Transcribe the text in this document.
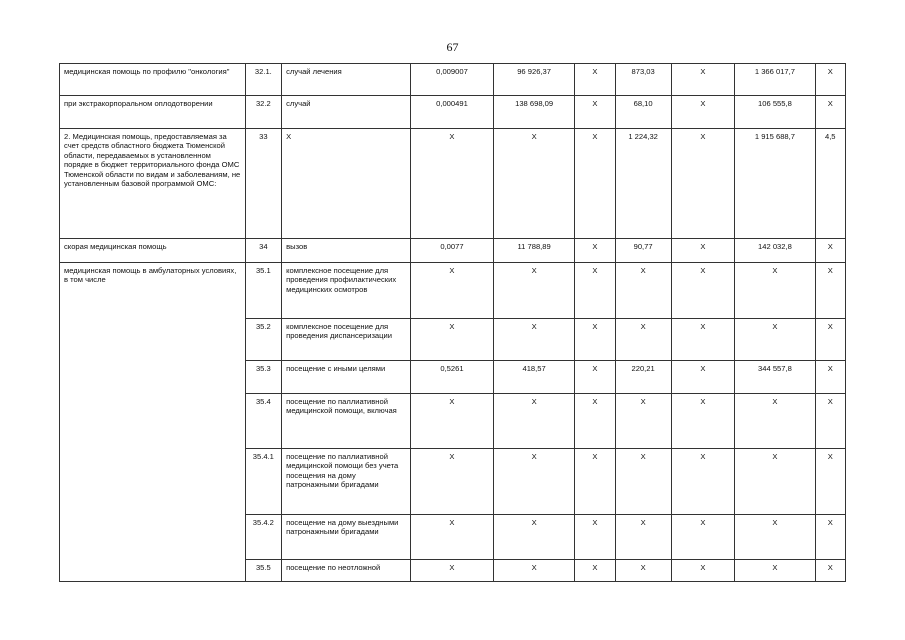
67
медицинская помощь по профилю "онкология"	32.1.	случай лечения	0,009007	96 926,37	X	873,03	X	1 366 017,7	X
при экстракорпоральном оплодотворении	32.2	случай	0,000491	138 698,09	X	68,10	X	106 555,8	X
2. Медицинская помощь, предоставляемая за счет средств областного бюджета Тюменской области, передаваемых в установленном порядке в бюджет территориального фонда ОМС Тюменской области по видам и заболеваниям, не установленным базовой программой ОМС:	33	X	X	X	X	1 224,32	X	1 915 688,7	4,5
скорая медицинская помощь	34	вызов	0,0077	11 788,89	X	90,77	X	142 032,8	X
медицинская помощь в амбулаторных условиях, в том числе	35.1	комплексное посещение для проведения профилактических медицинских осмотров	X	X	X	X	X	X	X
	35.2	комплексное посещение для проведения диспансеризации	X	X	X	X	X	X	X
	35.3	посещение с иными целями	0,5261	418,57	X	220,21	X	344 557,8	X
	35.4	посещение по паллиативной медицинской помощи, включая	X	X	X	X	X	X	X
	35.4.1	посещение по паллиативной медицинской помощи без учета посещения на дому патронажными бригадами	X	X	X	X	X	X	X
	35.4.2	посещение на дому выездными патронажными бригадами	X	X	X	X	X	X	X
	35.5	посещение по неотложной	X	X	X	X	X	X	X
